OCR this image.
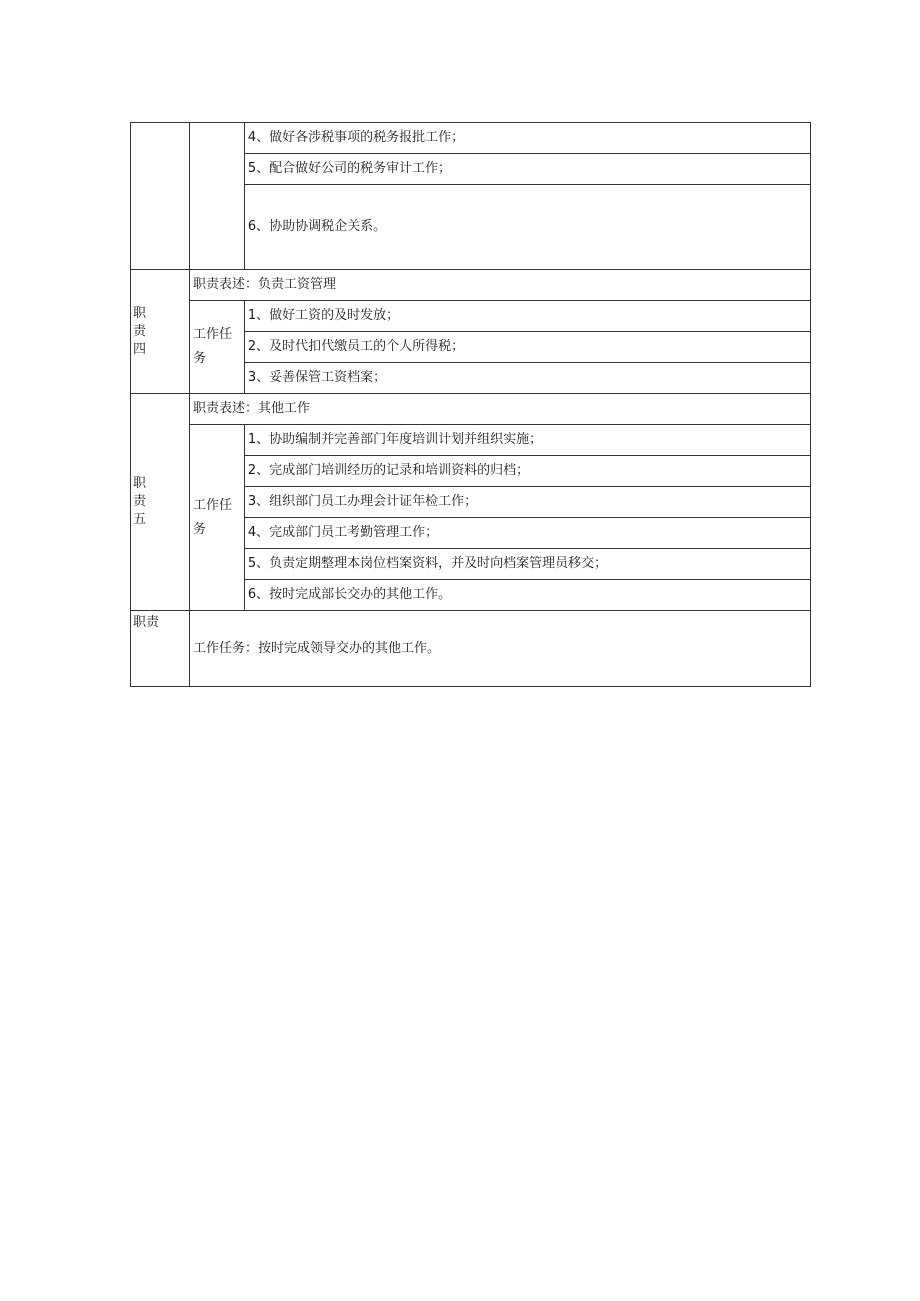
		4、做好各涉税事项的税务报批工作；
		5、配合做好公司的税务审计工作；
		6、协助协调税企关系。

职
责
四	职责表述：负责工资管理	
	工作任务	1、做好工资的及时发放；
		2、及时代扣代缴员工的个人所得税；
		3、妥善保管工资档案；

职
责
五	职责表述：其他工作	
	工作任务	1、协助编制并完善部门年度培训计划并组织实施；
		2、完成部门培训经历的记录和培训资料的归档；
		3、组织部门员工办理会计证年检工作；
		4、完成部门员工考勤管理工作；
		5、负责定期整理本岗位档案资料，并及时向档案管理员移交；
		6、按时完成部长交办的其他工作。
职责	工作任务：按时完成领导交办的其他工作。	
